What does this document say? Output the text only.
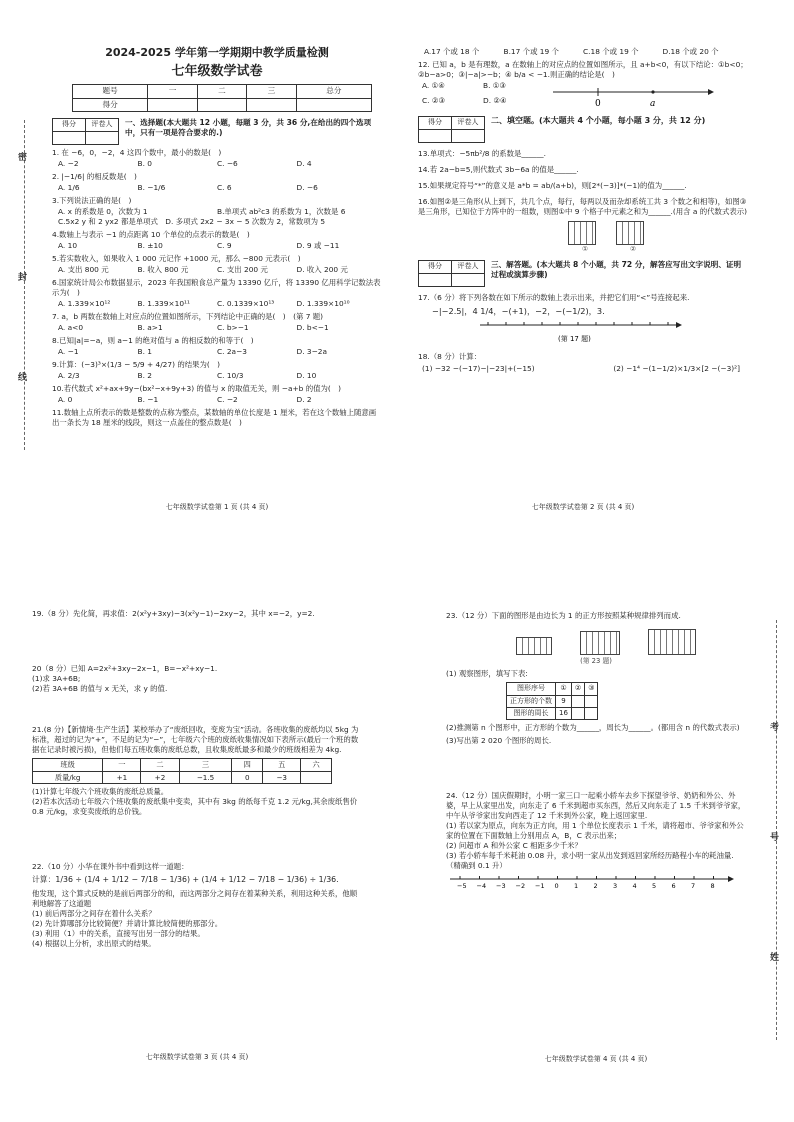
密
封
线
考
号
姓
2024-2025 学年第一学期期中教学质量检测
七年级数学试卷
题号	一	二	三	总分
得分				
得分	评卷人
	一、选择题(本大题共 12 小题，每题 3 分，共 36 分,在给出的四个选项中，只有一项是符合要求的.)
1. 在 −6，0，−2，4 这四个数中，最小的数是(　)
A. −2	B. 0	C. −6	D. 4
2. |−1/6| 的相反数是(　)
A. 1/6	B. −1/6	C. 6	D. −6
3.下列说法正确的是(　)
A. x 的系数是 0，次数为 1	B.单项式 ab²c3 的系数为 1，次数是 6
C.5x2 y 和 2 yx2 都是单项式　D. 多项式 2x2 − 3x − 5 次数为 2，常数项为 5
4.数轴上与表示 −1 的点距离 10 个单位的点表示的数是(　)
A. 10	B. ±10	C. 9	D. 9 或 −11
5.若实数收入，如果收入 1 000 元记作 +1000 元，那么 −800 元表示(　)
A. 支出 800 元	B. 收入 800 元	C. 支出 200 元	D. 收入 200 元
6.国家统计局公布数据显示，2023 年我国粮食总产量为 13390 亿斤，将 13390 亿用科学记数法表示为(　)
A. 1.339×10¹²	B. 1.339×10¹¹	C. 0.1339×10¹³	D. 1.339×10¹⁰
7. a，b 两数在数轴上对应点的位置如图所示，下列结论中正确的是(　)　(第 7 题)
A. a<0	B. a>1	C. b>−1	D. b<−1
8.已知|a|=−a，则 a−1 的绝对值与 a 的相反数的和等于(　)
A. −1	B. 1	C. 2a−3	D. 3−2a
9.计算：(−3)³×(1/3 − 5/9 + 4/27) 的结果为(　)
A. 2/3	B. 2	C. 10/3	D. 10
10.若代数式 x²+ax+9y−(bx²−x+9y+3) 的值与 x 的取值无关，则 −a+b 的值为(　)
A. 0	B. −1	C. −2	D. 2
11.数轴上点所表示的数是整数的点称为整点，某数轴的单位长度是 1 厘米，若在这个数轴上随意画出一条长为 18 厘米的线段，则这一点盖住的整点数是(　)
七年级数学试卷第 1 页 (共 4 页)
A.17 个或 18 个	B.17 个或 19 个	C.18 个或 19 个	D.18 个或 20 个
12. 已知 a，b 是有理数，a 在数轴上的对应点的位置如图所示，且 a+b<0，有以下结论：①b<0；②b−a>0；③|−a|>−b；④ b/a < −1.则正确的结论是(　)
A. ①④	B. ①③
C. ②③	D. ②④	0	a
得分	评卷人
	二、填空题。(本大题共 4 个小题，每小题 3 分，共 12 分)
13.单项式：−5πb²/8 的系数是______.
14.若 2a−b=5,则代数式 3b−6a 的值是______.
15.如果规定符号“*”的意义是 a*b = ab/(a+b)，则[2*(−3)]*(−1)的值为______.
16.如图②是三角形(从上到下，共几个点，每行，每两以及而杂却系统工共 3 个数之和相等)，如图③是三角形，已知位于方阵中的一组数，则图①中 9 个格子中元素之和为______.(用含 a 的代数式表示)
①	②
得分	评卷人
	三、解答题。(本大题共 8 个小题，共 72 分，解答应写出文字说明、证明过程或演算步骤)
17.（6 分）将下列各数在如下所示的数轴上表示出来，并把它们用“<”号连接起来.
−|−2.5|，4 1/4，−(+1)，−2，−(−1/2)，3.
(第 17 题)
18.（8 分）计算：
(1) −32 −(−17)−|−23|+(−15)	(2) −1⁴ −(1−1/2)×1/3×[2 −(−3)²]
七年级数学试卷第 2 页 (共 4 页)
19.（8 分）先化简，再求值：2(x²y+3xy)−3(x²y−1)−2xy−2，其中 x=−2，y=2.
20（8 分）已知 A=2x²+3xy−2x−1，B=−x²+xy−1.
(1)求 3A+6B;
(2)若 3A+6B 的值与 x 无关，求 y 的值.
21.(8 分)【新情境·生产生活】某校举办了“废纸回收，变废为宝”活动。各班收集的废纸均以 5kg 为标准，超过的记为“+”，不足的记为“−”，七年级六个班的废纸收集情况如下表所示(最后一个班的数据在记录时被污损)，但他们每五班收集的废纸总数，且收集废纸最多和最少的班级相差为 4kg.
班级	一	二	三	四	五	六
质量/kg	+1	+2	−1.5	0	−3	
(1)计算七年级六个班收集的废纸总质量。
(2)若本次活动七年级六个班收集的废纸集中变卖，其中有 3kg 的纸每千克 1.2 元/kg,其余废纸售价 0.8 元/kg，求变卖废纸的总价钱。
22.（10 分）小华在课外书中看到这样一道题：
计算：1/36 ÷ (1/4 + 1/12 − 7/18 − 1/36) + (1/4 + 1/12 − 7/18 − 1/36) ÷ 1/36.
他发现，这个算式反映的是前后两部分的和，而这两部分之间存在着某种关系，利用这种关系，他顺利地解答了这道题
(1) 前后两部分之间存在着什么关系？
(2) 先计算哪部分比较简便？并请计算比较简便的那部分。
(3) 利用（1）中的关系，直接写出另一部分的结果。
(4) 根据以上分析，求出原式的结果。
七年级数学试卷第 3 页 (共 4 页)
23.（12 分）下面的图形是由边长为 1 的正方形按照某种规律排列而成.
(第 23 题)
(1) 观察图形，填写下表:
图形序号	①	②	③
正方形的个数	9		
图形的周长	16		
(2)推测第 n 个图形中，正方形的个数为______，周长为______。(都用含 n 的代数式表示)
(3)写出第 2 020 个图形的周长.
24.（12 分）国庆假期时，小明一家三口一起乘小轿车去乡下探望爷爷、奶奶和外公、外婆，早上从家里出发，向东走了 6 千米到超市买东西，然后又向东走了 1.5 千米到爷爷家，中午从爷爷家出发向西走了 12 千米到外公家，晚上返回家里.
(1) 若以家为原点，向东为正方向，用 1 个单位长度表示 1 千米，请将超市、爷爷家和外公家的位置在下面数轴上分别用点 A，B，C 表示出来；
(2) 问超市 A 和外公家 C 相距多少千米？
(3) 若小轿车每千米耗油 0.08 升，求小明一家从出发到返回家所经历路程小车的耗油量.（精确到 0.1 升）
−5 −4 −3 −2 −1 0 1 2 3 4 5 6 7 8
七年级数学试卷第 4 页 (共 4 页)
